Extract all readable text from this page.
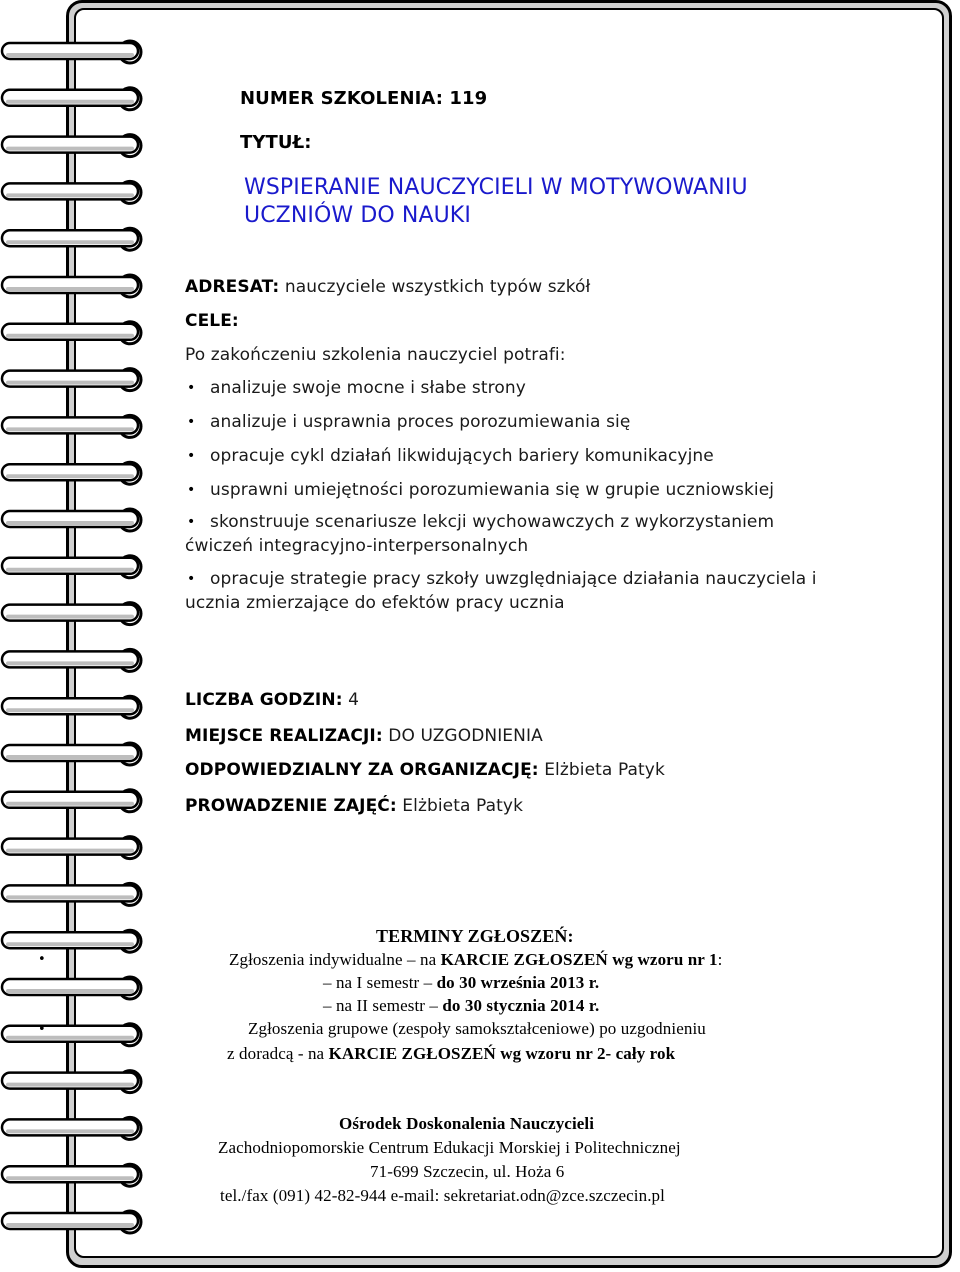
NUMER SZKOLENIA: 119
TYTUŁ:
WSPIERANIE NAUCZYCIELI W MOTYWOWANIU
UCZNIÓW DO NAUKI
ADRESAT: nauczyciele wszystkich typów szkół
CELE:
Po zakończeniu szkolenia nauczyciel potrafi:
• analizuje swoje mocne i słabe strony
• analizuje i usprawnia proces porozumiewania się
• opracuje cykl działań likwidujących bariery komunikacyjne
• usprawni umiejętności porozumiewania się w grupie uczniowskiej
• skonstruuje scenariusze lekcji wychowawczych z wykorzystaniem
ćwiczeń integracyjno-interpersonalnych
• opracuje strategie pracy szkoły uwzględniające działania nauczyciela i
ucznia zmierzające do efektów pracy ucznia
LICZBA GODZIN: 4
MIEJSCE REALIZACJI: DO UZGODNIENIA
ODPOWIEDZIALNY ZA ORGANIZACJĘ: Elżbieta Patyk
PROWADZENIE ZAJĘĆ: Elżbieta Patyk
TERMINY ZGŁOSZEŃ:
•	Zgłoszenia indywidualne – na KARCIE ZGŁOSZEŃ wg wzoru nr 1:
– na I semestr – do 30 września 2013 r.
– na II semestr – do 30 stycznia 2014 r.
•	Zgłoszenia grupowe (zespoły samokształceniowe) po uzgodnieniu
z doradcą - na KARCIE ZGŁOSZEŃ wg wzoru nr 2- cały rok
Ośrodek Doskonalenia Nauczycieli
Zachodniopomorskie Centrum Edukacji Morskiej i Politechnicznej
71-699 Szczecin, ul. Hoża 6
tel./fax (091) 42-82-944 e-mail: sekretariat.odn@zce.szczecin.pl
